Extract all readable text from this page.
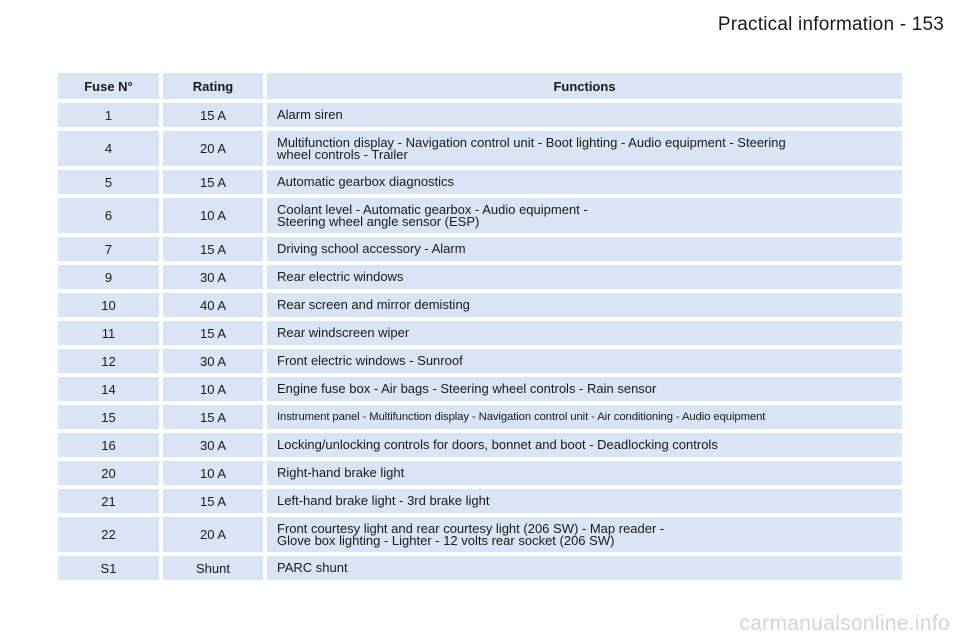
Practical information - 153
Fuse N°	Rating	Functions
1	15 A	Alarm siren

4	20 A	Multifunction display - Navigation control unit - Boot lighting - Audio equipment - Steering
wheel controls - Trailer

5	15 A	Automatic gearbox diagnostics

6	10 A	Coolant level - Automatic gearbox - Audio equipment -
Steering wheel angle sensor (ESP)

7	15 A	Driving school accessory - Alarm

9	30 A	Rear electric windows

10	40 A	Rear screen and mirror demisting

11	15 A	Rear windscreen wiper

12	30 A	Front electric windows - Sunroof

14	10 A	Engine fuse box - Air bags - Steering wheel controls - Rain sensor

15	15 A	Instrument panel - Multifunction display - Navigation control unit - Air conditioning - Audio equipment

16	30 A	Locking/unlocking controls for doors, bonnet and boot - Deadlocking controls

20	10 A	Right-hand brake light

21	15 A	Left-hand brake light - 3rd brake light

22	20 A	Front courtesy light and rear courtesy light (206 SW) - Map reader -
Glove box lighting - Lighter - 12 volts rear socket (206 SW)

S1	Shunt	PARC shunt
carmanualsonline.info
